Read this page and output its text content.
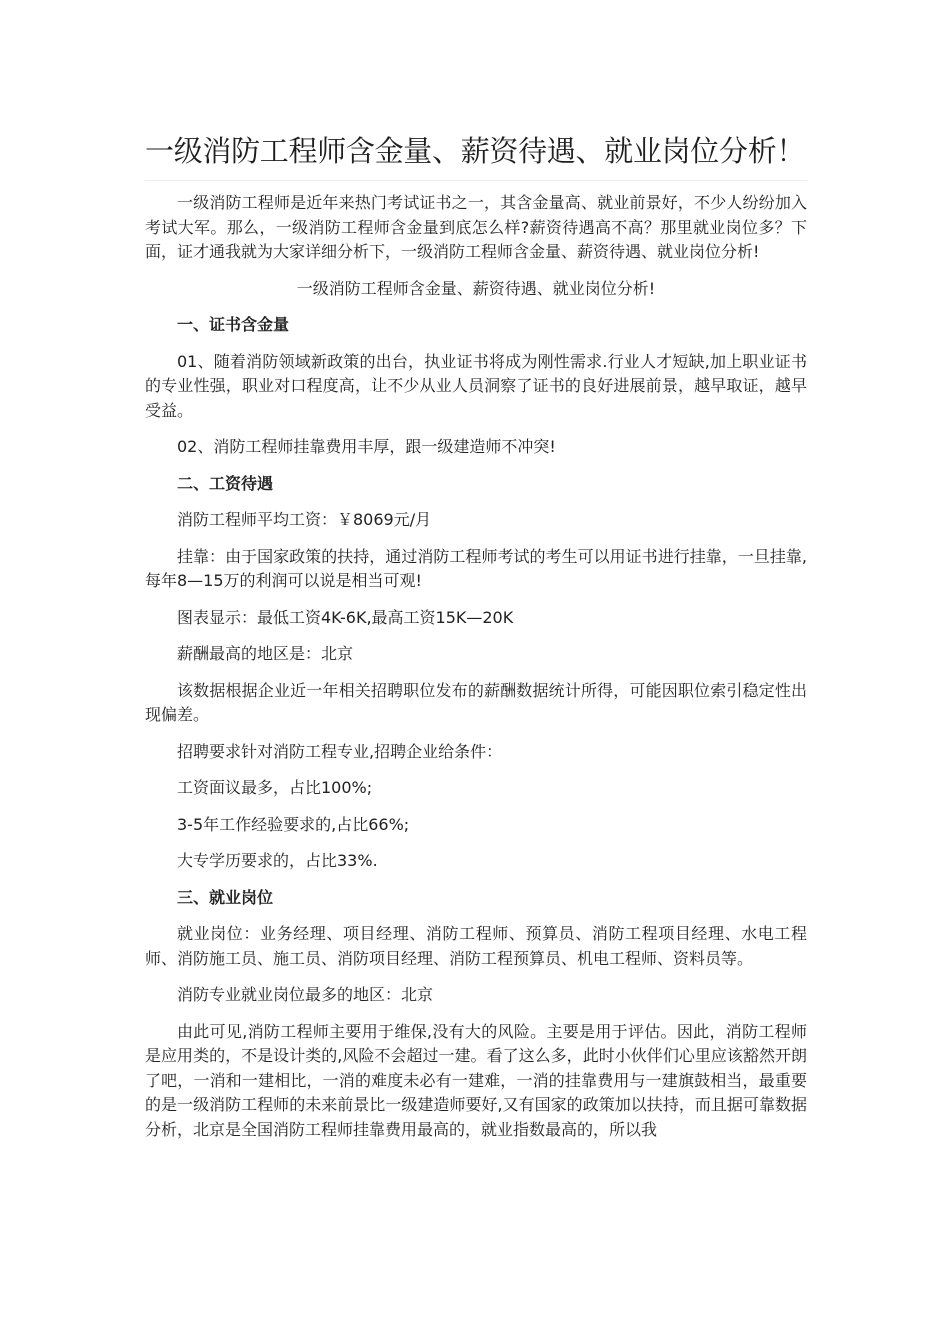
一级消防工程师含金量、薪资待遇、就业岗位分析！

一级消防工程师是近年来热门考试证书之一，其含金量高、就业前景好，不少人纷纷加入考试大军。那么，一级消防工程师含金量到底怎么样?薪资待遇高不高？那里就业岗位多？下面，证才通我就为大家详细分析下，一级消防工程师含金量、薪资待遇、就业岗位分析!

一级消防工程师含金量、薪资待遇、就业岗位分析!

一、证书含金量

01、随着消防领域新政策的出台，执业证书将成为刚性需求.行业人才短缺,加上职业证书的专业性强，职业对口程度高，让不少从业人员洞察了证书的良好进展前景，越早取证，越早受益。

02、消防工程师挂靠费用丰厚，跟一级建造师不冲突!

二、工资待遇

消防工程师平均工资：￥8069元/月

挂靠：由于国家政策的扶持，通过消防工程师考试的考生可以用证书进行挂靠，一旦挂靠,每年8—15万的利润可以说是相当可观!

图表显示：最低工资4K-6K,最高工资15K—20K

薪酬最高的地区是：北京

该数据根据企业近一年相关招聘职位发布的薪酬数据统计所得，可能因职位索引稳定性出现偏差。

招聘要求针对消防工程专业,招聘企业给条件：

工资面议最多，占比100%;

3-5年工作经验要求的,占比66%;

大专学历要求的，占比33%.

三、就业岗位

就业岗位：业务经理、项目经理、消防工程师、预算员、消防工程项目经理、水电工程师、消防施工员、施工员、消防项目经理、消防工程预算员、机电工程师、资料员等。

消防专业就业岗位最多的地区：北京

由此可见,消防工程师主要用于维保,没有大的风险。主要是用于评估。因此，消防工程师是应用类的，不是设计类的,风险不会超过一建。看了这么多，此时小伙伴们心里应该豁然开朗了吧，一消和一建相比，一消的难度未必有一建难，一消的挂靠费用与一建旗鼓相当，最重要的是一级消防工程师的未来前景比一级建造师要好,又有国家的政策加以扶持，而且据可靠数据分析，北京是全国消防工程师挂靠费用最高的，就业指数最高的，所以我
